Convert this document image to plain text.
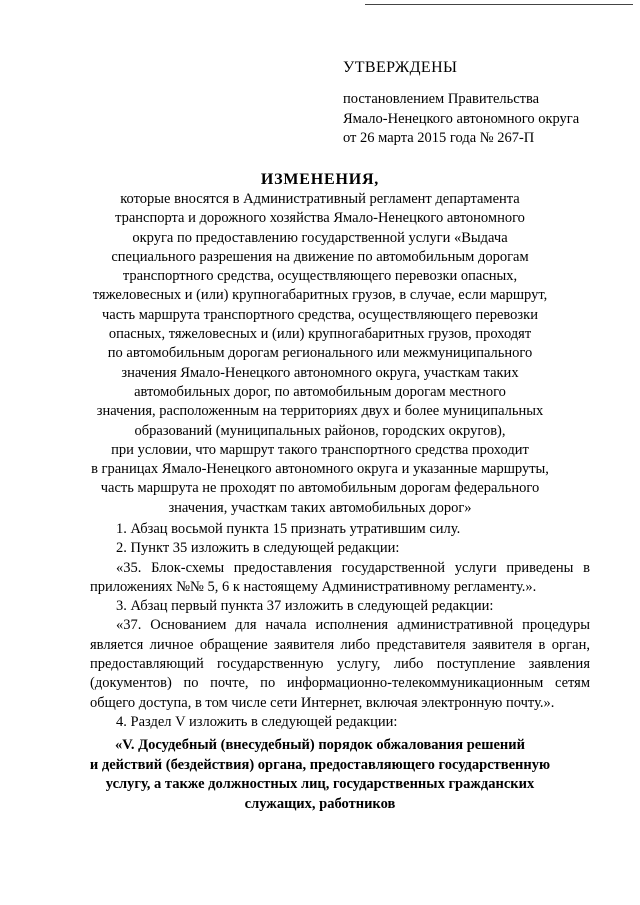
УТВЕРЖДЕНЫ
постановлением Правительства
Ямало-Ненецкого автономного округа
от 26 марта 2015 года № 267-П
ИЗМЕНЕНИЯ,
которые вносятся в Административный регламент департамента
транспорта и дорожного хозяйства Ямало-Ненецкого автономного
округа по предоставлению государственной услуги «Выдача
специального разрешения на движение по автомобильным дорогам
транспортного средства, осуществляющего перевозки опасных,
тяжеловесных и (или) крупногабаритных грузов, в случае, если маршрут,
часть маршрута транспортного средства, осуществляющего перевозки
опасных, тяжеловесных и (или) крупногабаритных грузов, проходят
по автомобильным дорогам регионального или межмуниципального
значения Ямало-Ненецкого автономного округа, участкам таких
автомобильных дорог, по автомобильным дорогам местного
значения, расположенным на территориях двух и более муниципальных
образований (муниципальных районов, городских округов),
при условии, что маршрут такого транспортного средства проходит
в границах Ямало-Ненецкого автономного округа и указанные маршруты,
часть маршрута не проходят по автомобильным дорогам федерального
значения, участкам таких автомобильных дорог»
1. Абзац восьмой пункта 15 признать утратившим силу.
2. Пункт 35 изложить в следующей редакции:
«35. Блок-схемы предоставления государственной услуги приведены в приложениях №№ 5, 6 к настоящему Административному регламенту.».
3. Абзац первый пункта 37 изложить в следующей редакции:
«37. Основанием для начала исполнения административной процедуры является личное обращение заявителя либо представителя заявителя в орган, предоставляющий государственную услугу, либо поступление заявления (документов) по почте, по информационно-телекоммуникационным сетям общего доступа, в том числе сети Интернет, включая электронную почту.».
4. Раздел V изложить в следующей редакции:
«V. Досудебный (внесудебный) порядок обжалования решений
и действий (бездействия) органа, предоставляющего государственную
услугу, а также должностных лиц, государственных гражданских
служащих, работников
